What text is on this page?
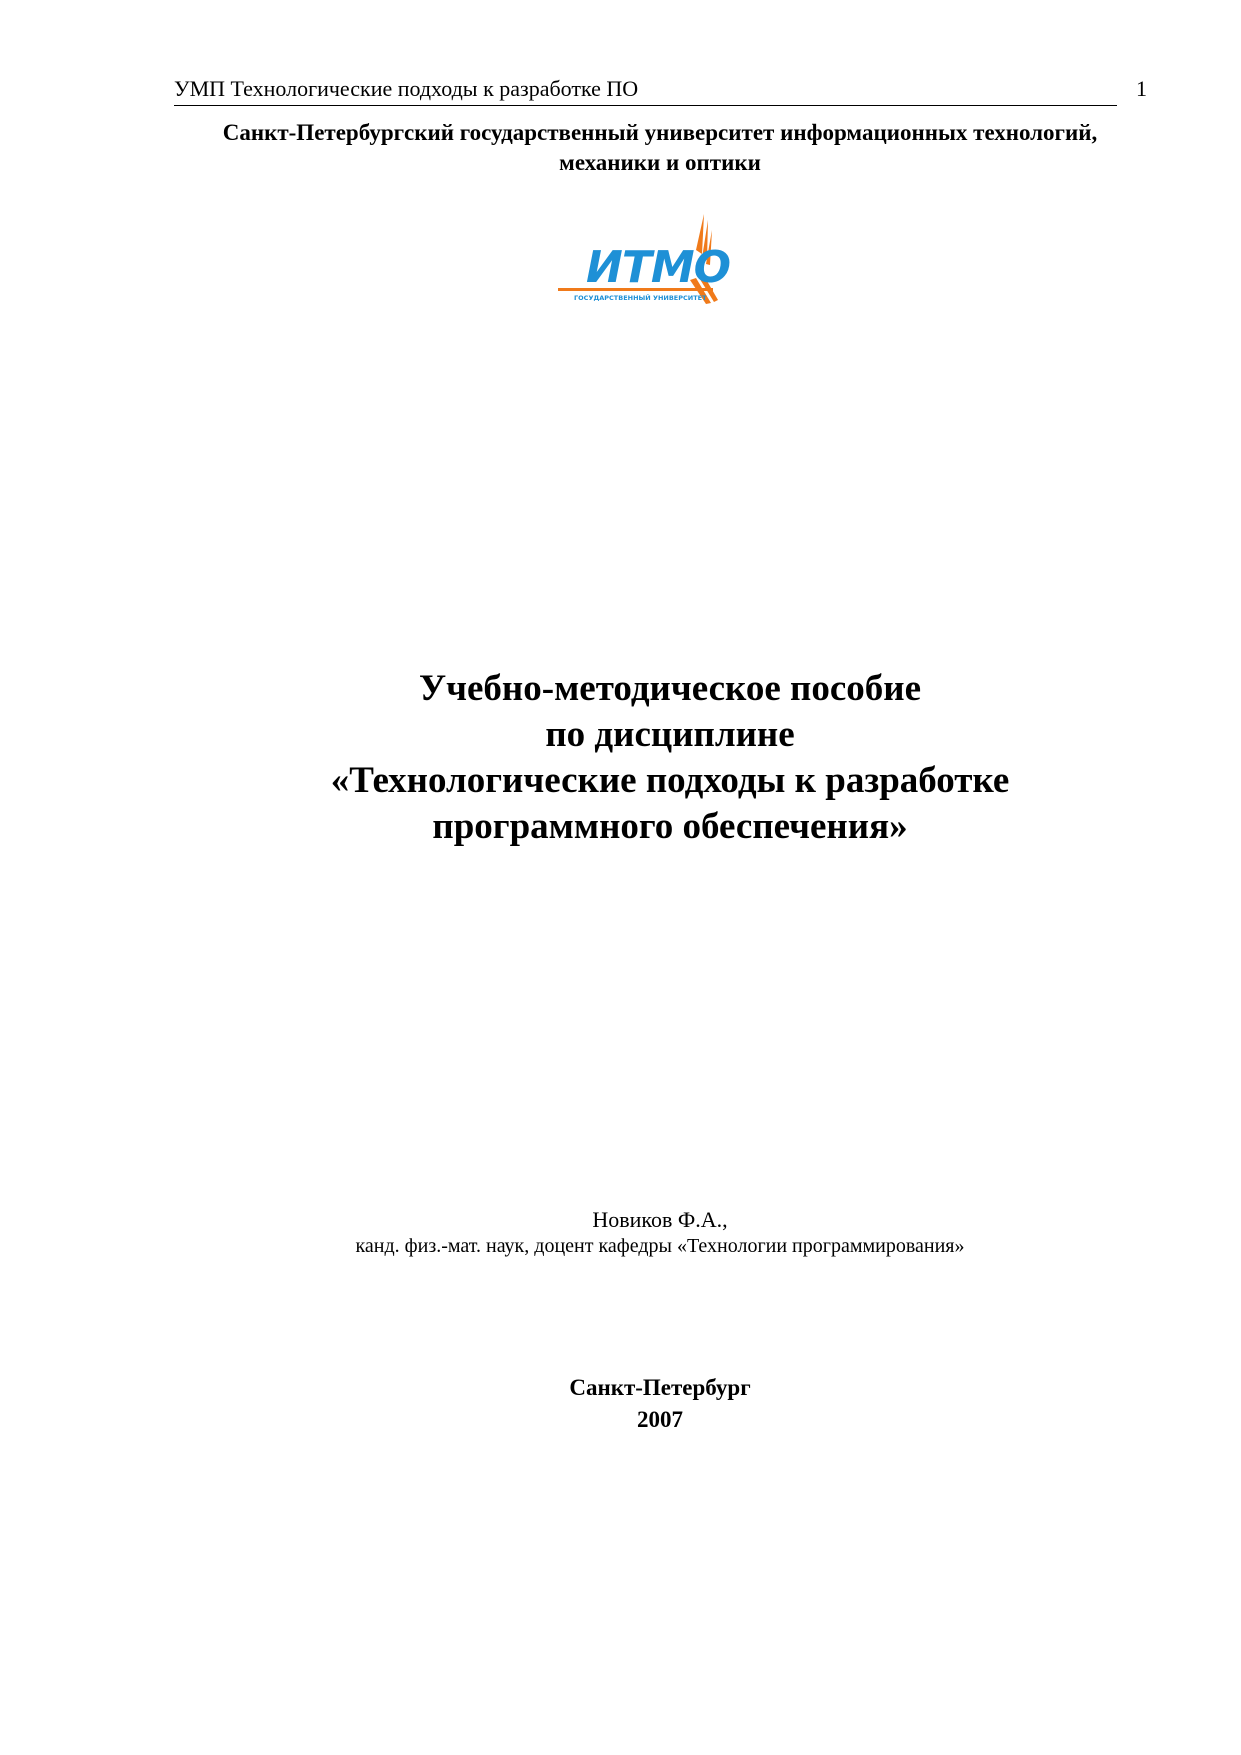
УМП Технологические подходы к разработке ПО	1
Санкт-Петербургский государственный университет информационных технологий,
механики и оптики
ИТМО
ГОСУДАРСТВЕННЫЙ УНИВЕРСИТЕТ
Учебно-методическое пособие
по дисциплине
«Технологические подходы к разработке
программного обеспечения»
Новиков Ф.А.,
канд. физ.-мат. наук, доцент кафедры «Технологии программирования»
Санкт-Петербург
2007
